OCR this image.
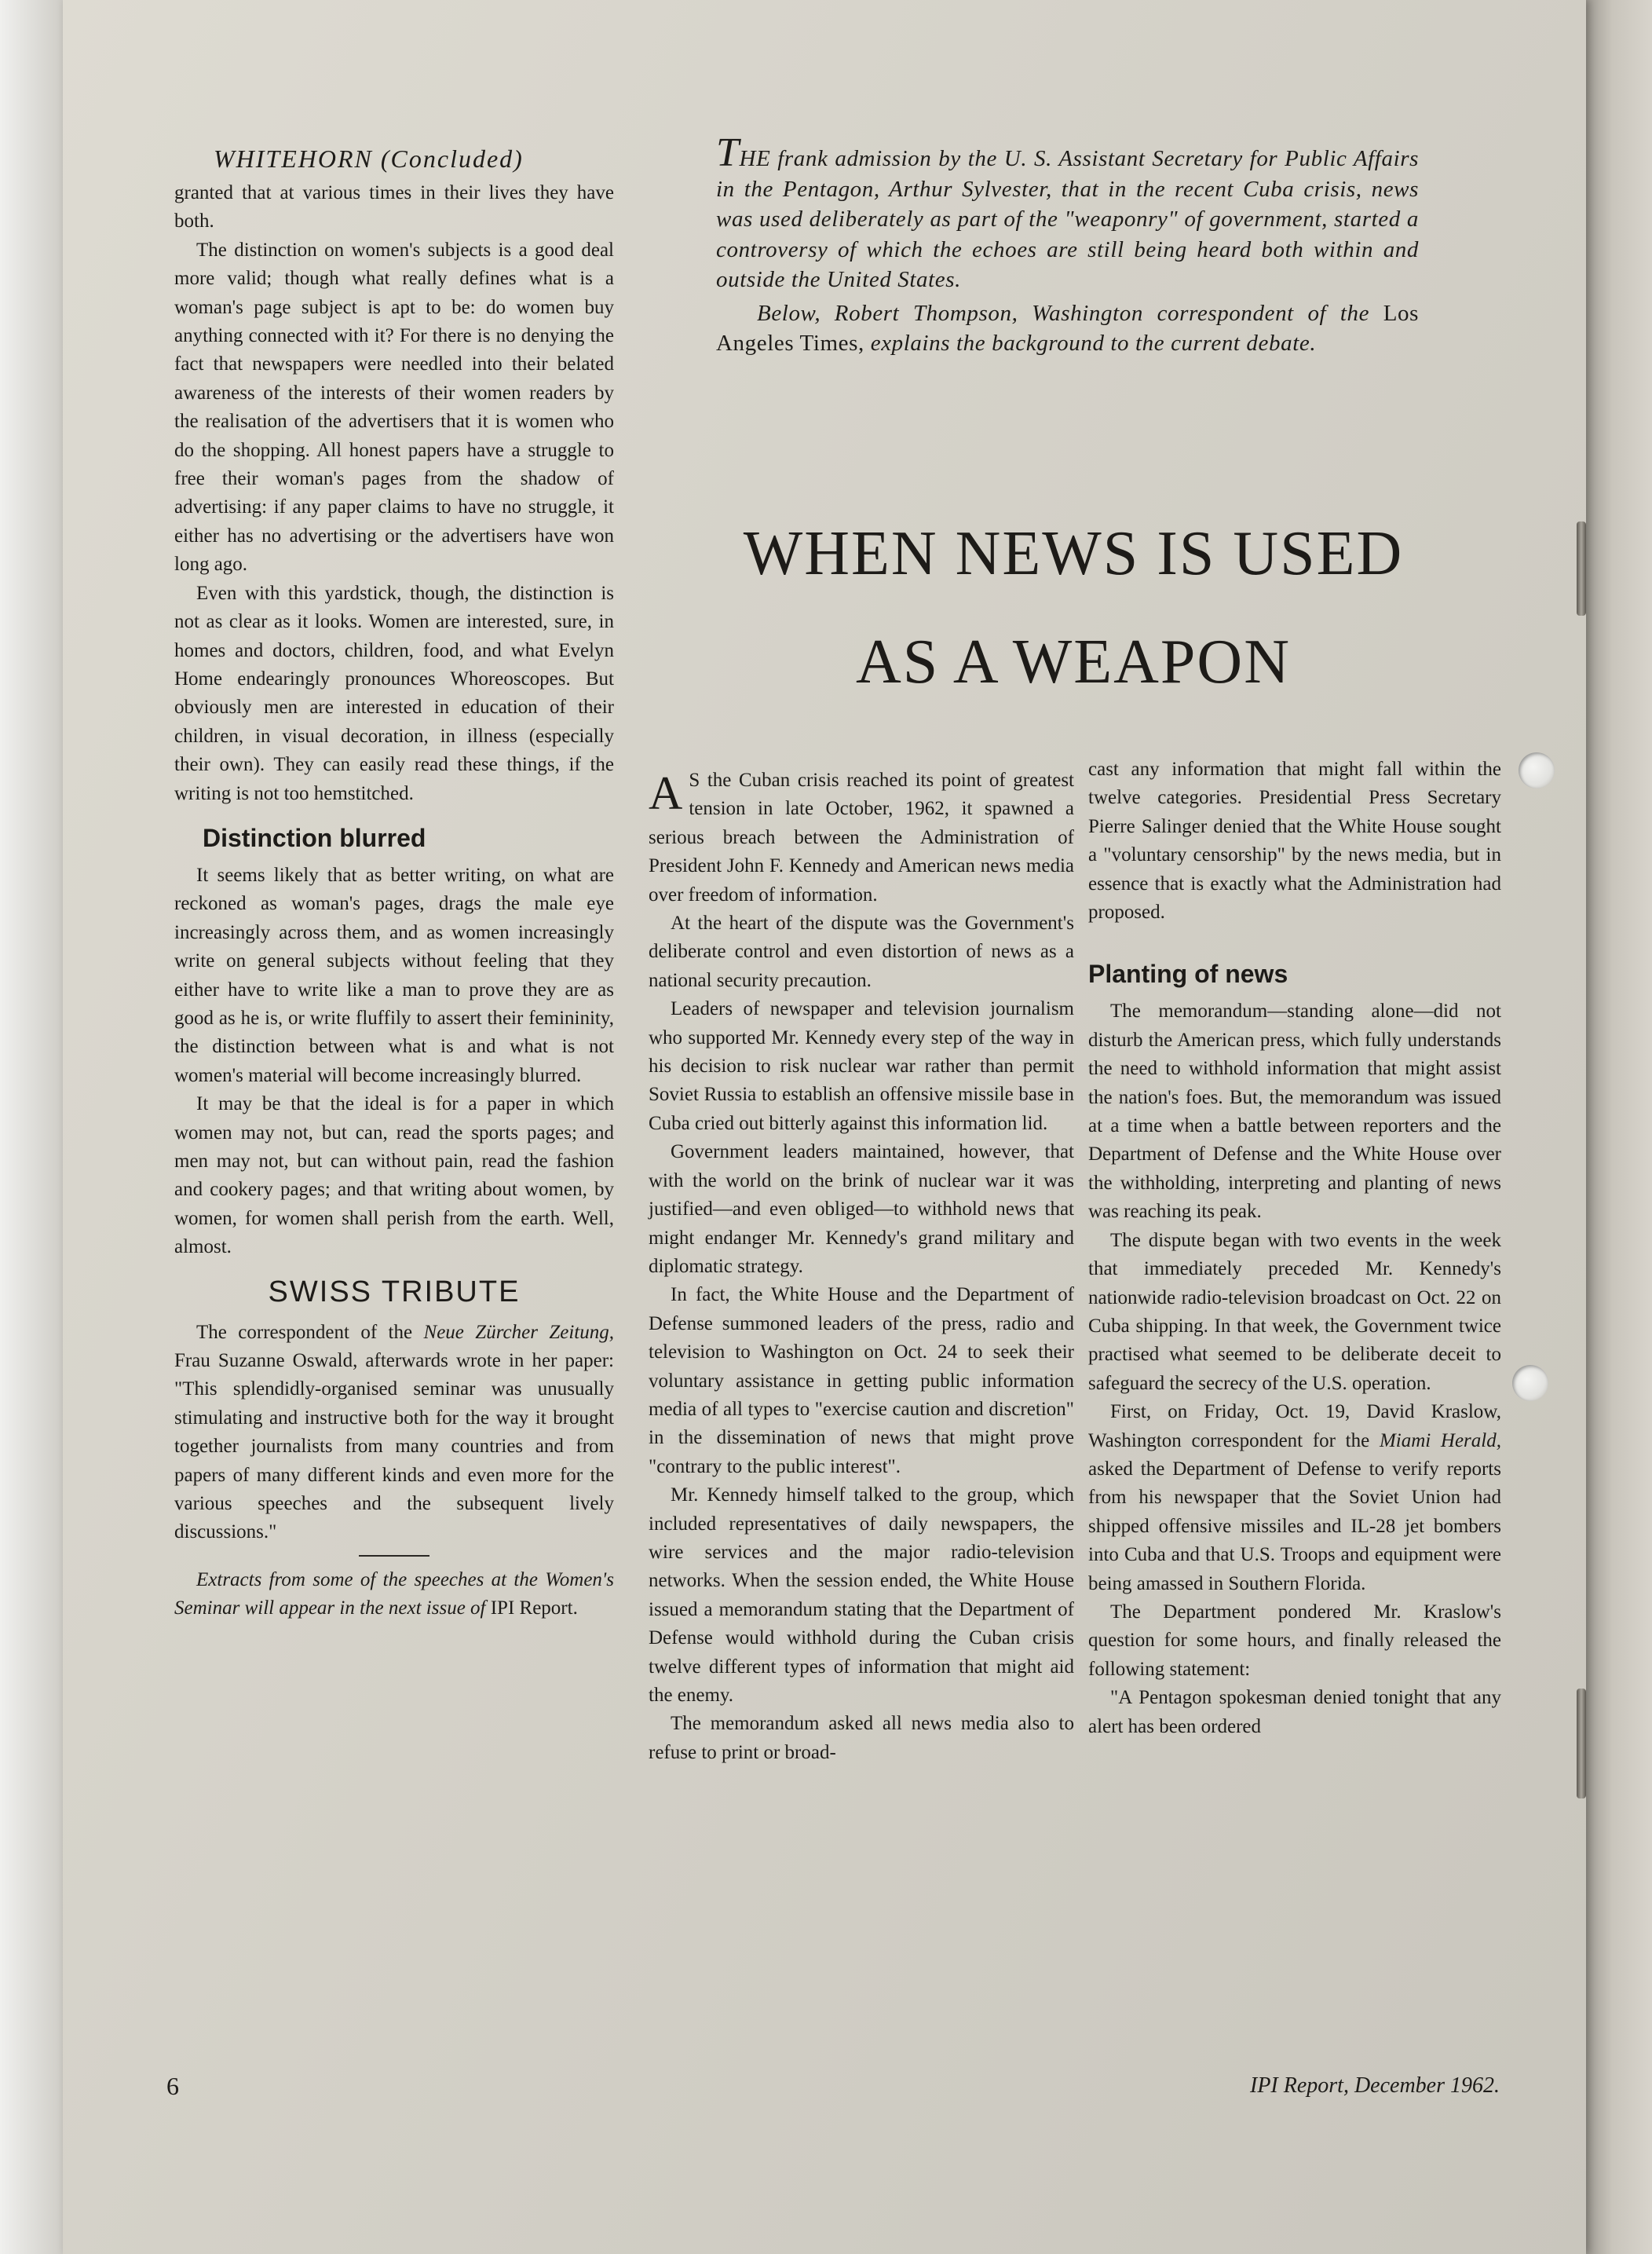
WHITEHORN (Concluded)

granted that at various times in their lives they have both.

The distinction on women's subjects is a good deal more valid; though what really defines what is a woman's page subject is apt to be: do women buy anything connected with it? For there is no denying the fact that newspapers were needled into their belated awareness of the interests of their women readers by the realisation of the advertisers that it is women who do the shopping. All honest papers have a struggle to free their woman's pages from the shadow of advertising: if any paper claims to have no struggle, it either has no advertising or the advertisers have won long ago.

Even with this yardstick, though, the distinction is not as clear as it looks. Women are interested, sure, in homes and doctors, children, food, and what Evelyn Home endearingly pronounces Whoreoscopes. But obviously men are interested in education of their children, in visual decoration, in illness (especially their own). They can easily read these things, if the writing is not too hemstitched.

Distinction blurred

It seems likely that as better writing, on what are reckoned as woman's pages, drags the male eye increasingly across them, and as women increasingly write on general subjects without feeling that they either have to write like a man to prove they are as good as he is, or write fluffily to assert their femininity, the distinction between what is and what is not women's material will become increasingly blurred.

It may be that the ideal is for a paper in which women may not, but can, read the sports pages; and men may not, but can without pain, read the fashion and cookery pages; and that writing about women, by women, for women shall perish from the earth. Well, almost.

SWISS TRIBUTE

The correspondent of the Neue Zürcher Zeitung, Frau Suzanne Oswald, afterwards wrote in her paper: "This splendidly-organised seminar was unusually stimulating and instructive both for the way it brought together journalists from many countries and from papers of many different kinds and even more for the various speeches and the subsequent lively discussions."

Extracts from some of the speeches at the Women's Seminar will appear in the next issue of IPI Report.

THE frank admission by the U. S. Assistant Secretary for Public Affairs in the Pentagon, Arthur Sylvester, that in the recent Cuba crisis, news was used deliberately as part of the "weaponry" of government, started a controversy of which the echoes are still being heard both within and outside the United States.

Below, Robert Thompson, Washington correspondent of the Los Angeles Times, explains the background to the current debate.

WHEN NEWS IS USED
AS A WEAPON

A S the Cuban crisis reached its point of greatest tension in late October, 1962, it spawned a serious breach between the Administration of President John F. Kennedy and American news media over freedom of information.

At the heart of the dispute was the Government's deliberate control and even distortion of news as a national security precaution.

Leaders of newspaper and television journalism who supported Mr. Kennedy every step of the way in his decision to risk nuclear war rather than permit Soviet Russia to establish an offensive missile base in Cuba cried out bitterly against this information lid.

Government leaders maintained, however, that with the world on the brink of nuclear war it was justified—and even obliged—to withhold news that might endanger Mr. Kennedy's grand military and diplomatic strategy.

In fact, the White House and the Department of Defense summoned leaders of the press, radio and television to Washington on Oct. 24 to seek their voluntary assistance in getting public information media of all types to "exercise caution and discretion" in the dissemination of news that might prove "contrary to the public interest".

Mr. Kennedy himself talked to the group, which included representatives of daily newspapers, the wire services and the major radio-television networks. When the session ended, the White House issued a memorandum stating that the Department of Defense would withhold during the Cuban crisis twelve different types of information that might aid the enemy.

The memorandum asked all news media also to refuse to print or broad-

cast any information that might fall within the twelve categories. Presidential Press Secretary Pierre Salinger denied that the White House sought a "voluntary censorship" by the news media, but in essence that is exactly what the Administration had proposed.

Planting of news

The memorandum—standing alone—did not disturb the American press, which fully understands the need to withhold information that might assist the nation's foes. But, the memorandum was issued at a time when a battle between reporters and the Department of Defense and the White House over the withholding, interpreting and planting of news was reaching its peak.

The dispute began with two events in the week that immediately preceded Mr. Kennedy's nationwide radio-television broadcast on Oct. 22 on Cuba shipping. In that week, the Government twice practised what seemed to be deliberate deceit to safeguard the secrecy of the U.S. operation.

First, on Friday, Oct. 19, David Kraslow, Washington correspondent for the Miami Herald, asked the Department of Defense to verify reports from his newspaper that the Soviet Union had shipped offensive missiles and IL-28 jet bombers into Cuba and that U.S. Troops and equipment were being amassed in Southern Florida.

The Department pondered Mr. Kraslow's question for some hours, and finally released the following statement:

"A Pentagon spokesman denied tonight that any alert has been ordered

6	IPI Report, December 1962.
